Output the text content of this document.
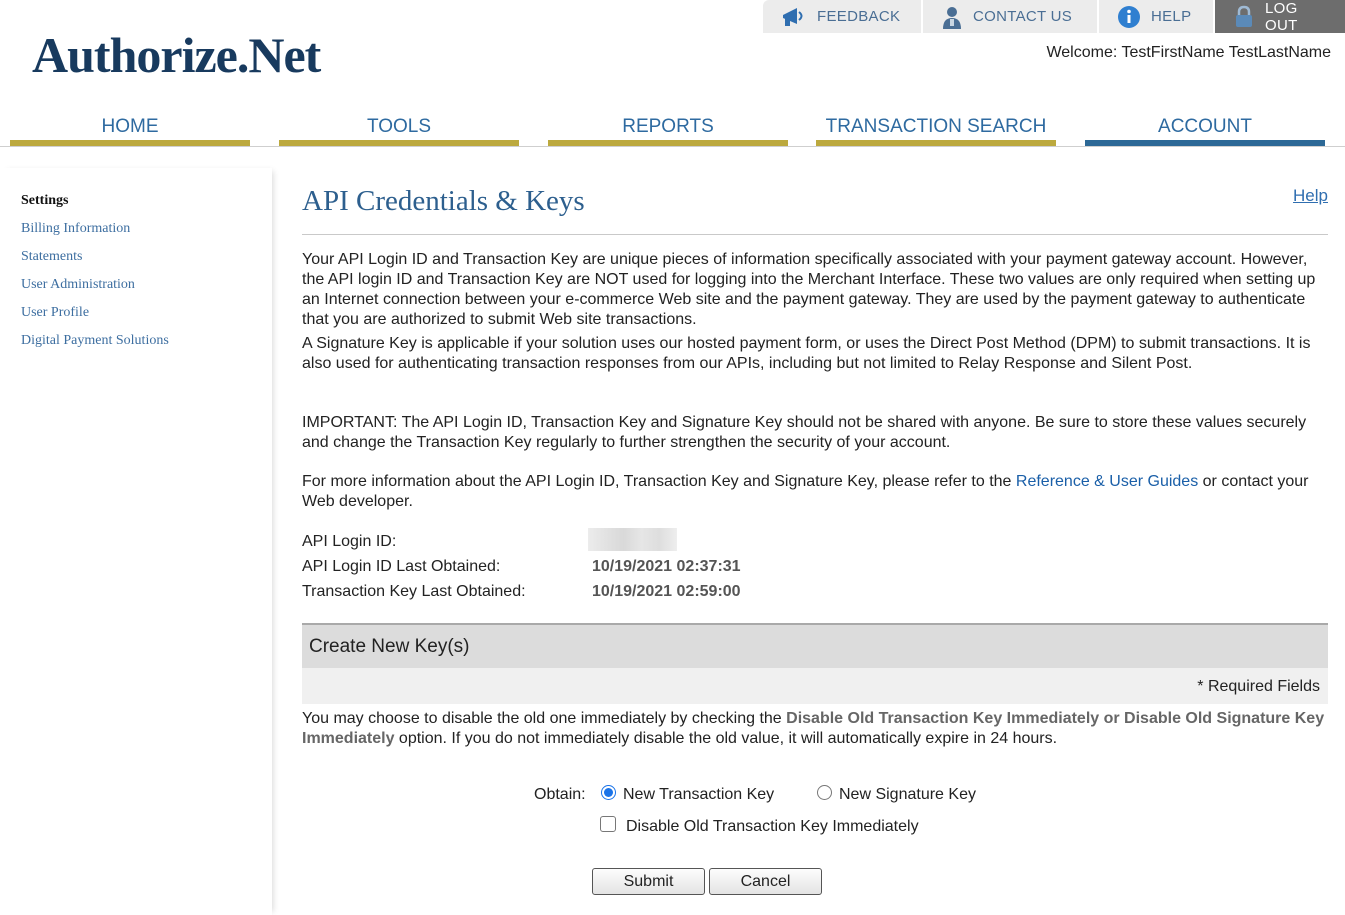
FEEDBACK	CONTACT US	HELP	LOG OUT
Authorize.Net	Welcome: TestFirstName TestLastName
HOME	TOOLS	REPORTS	TRANSACTION SEARCH	ACCOUNT
Settings
Billing Information
Statements
User Administration
User Profile
Digital Payment Solutions
API Credentials & Keys	Help
Your API Login ID and Transaction Key are unique pieces of information specifically associated with your payment gateway account. However, the API login ID and Transaction Key are NOT used for logging into the Merchant Interface. These two values are only required when setting up an Internet connection between your e-commerce Web site and the payment gateway. They are used by the payment gateway to authenticate that you are authorized to submit Web site transactions.
A Signature Key is applicable if your solution uses our hosted payment form, or uses the Direct Post Method (DPM) to submit transactions. It is also used for authenticating transaction responses from our APIs, including but not limited to Relay Response and Silent Post.
IMPORTANT: The API Login ID, Transaction Key and Signature Key should not be shared with anyone. Be sure to store these values securely and change the Transaction Key regularly to further strengthen the security of your account.
For more information about the API Login ID, Transaction Key and Signature Key, please refer to the Reference & User Guides or contact your Web developer.
API Login ID:
API Login ID Last Obtained:	10/19/2021 02:37:31
Transaction Key Last Obtained:	10/19/2021 02:59:00
Create New Key(s)
* Required Fields
You may choose to disable the old one immediately by checking the Disable Old Transaction Key Immediately or Disable Old Signature Key Immediately option. If you do not immediately disable the old value, it will automatically expire in 24 hours.
Obtain: New Transaction Key	New Signature Key
Disable Old Transaction Key Immediately
Submit	Cancel
